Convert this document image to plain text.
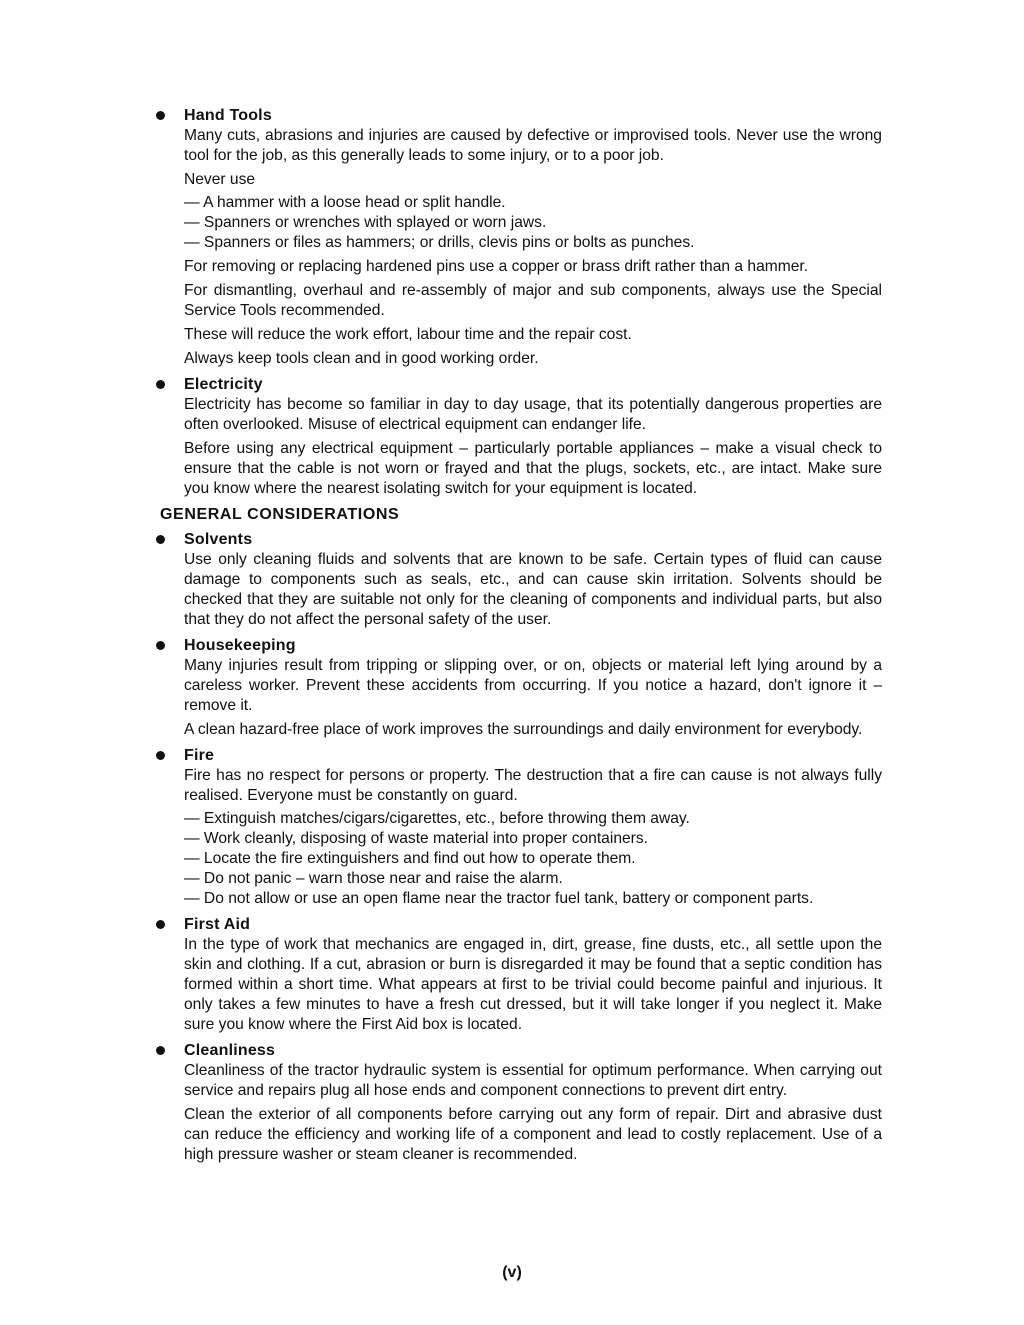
Hand Tools
Many cuts, abrasions and injuries are caused by defective or improvised tools. Never use the wrong tool for the job, as this generally leads to some injury, or to a poor job.
Never use
— A hammer with a loose head or split handle.
— Spanners or wrenches with splayed or worn jaws.
— Spanners or files as hammers; or drills, clevis pins or bolts as punches.
For removing or replacing hardened pins use a copper or brass drift rather than a hammer.
For dismantling, overhaul and re-assembly of major and sub components, always use the Special Service Tools recommended.
These will reduce the work effort, labour time and the repair cost.
Always keep tools clean and in good working order.
Electricity
Electricity has become so familiar in day to day usage, that its potentially dangerous properties are often overlooked. Misuse of electrical equipment can endanger life.
Before using any electrical equipment – particularly portable appliances – make a visual check to ensure that the cable is not worn or frayed and that the plugs, sockets, etc., are intact. Make sure you know where the nearest isolating switch for your equipment is located.
GENERAL CONSIDERATIONS
Solvents
Use only cleaning fluids and solvents that are known to be safe. Certain types of fluid can cause damage to components such as seals, etc., and can cause skin irritation. Solvents should be checked that they are suitable not only for the cleaning of components and individual parts, but also that they do not affect the personal safety of the user.
Housekeeping
Many injuries result from tripping or slipping over, or on, objects or material left lying around by a careless worker. Prevent these accidents from occurring. If you notice a hazard, don't ignore it – remove it.
A clean hazard-free place of work improves the surroundings and daily environment for everybody.
Fire
Fire has no respect for persons or property. The destruction that a fire can cause is not always fully realised. Everyone must be constantly on guard.
— Extinguish matches/cigars/cigarettes, etc., before throwing them away.
— Work cleanly, disposing of waste material into proper containers.
— Locate the fire extinguishers and find out how to operate them.
— Do not panic – warn those near and raise the alarm.
— Do not allow or use an open flame near the tractor fuel tank, battery or component parts.
First Aid
In the type of work that mechanics are engaged in, dirt, grease, fine dusts, etc., all settle upon the skin and clothing. If a cut, abrasion or burn is disregarded it may be found that a septic condition has formed within a short time. What appears at first to be trivial could become painful and injurious. It only takes a few minutes to have a fresh cut dressed, but it will take longer if you neglect it. Make sure you know where the First Aid box is located.
Cleanliness
Cleanliness of the tractor hydraulic system is essential for optimum performance. When carrying out service and repairs plug all hose ends and component connections to prevent dirt entry.
Clean the exterior of all components before carrying out any form of repair. Dirt and abrasive dust can reduce the efficiency and working life of a component and lead to costly replacement. Use of a high pressure washer or steam cleaner is recommended.
(v)
